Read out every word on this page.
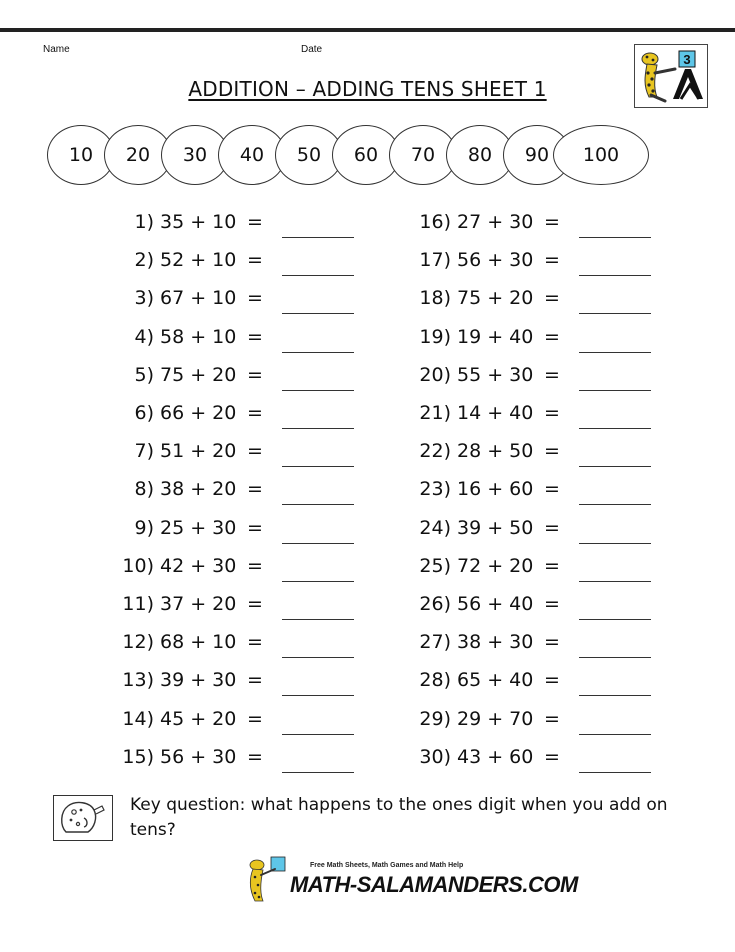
Name	Date
ADDITION – ADDING TENS SHEET 1
3
10	20	30	40	50	60	70	80	90	100
1) 35 + 10 =
2) 52 + 10 =
3) 67 + 10 =
4) 58 + 10 =
5) 75 + 20 =
6) 66 + 20 =
7) 51 + 20 =
8) 38 + 20 =
9) 25 + 30 =
10) 42 + 30 =
11) 37 + 20 =
12) 68 + 10 =
13) 39 + 30 =
14) 45 + 20 =
15) 56 + 30 =
16) 27 + 30 =
17) 56 + 30 =
18) 75 + 20 =
19) 19 + 40 =
20) 55 + 30 =
21) 14 + 40 =
22) 28 + 50 =
23) 16 + 60 =
24) 39 + 50 =
25) 72 + 20 =
26) 56 + 40 =
27) 38 + 30 =
28) 65 + 40 =
29) 29 + 70 =
30) 43 + 60 =
Key question: what happens to the ones digit when you add on tens?
Free Math Sheets, Math Games and Math Help
MATH-SALAMANDERS.COM
